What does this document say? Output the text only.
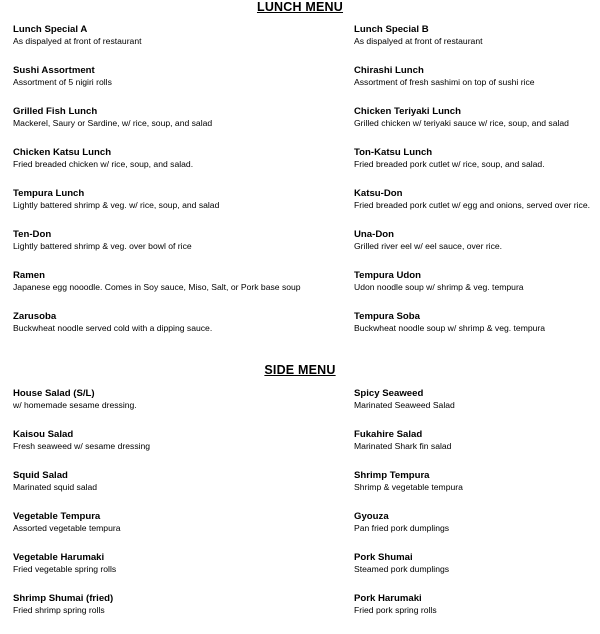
LUNCH MENU
Lunch Special A
As dispalyed at front of restaurant
Lunch Special B
As dispalyed at front of restaurant
Sushi Assortment
Assortment of 5 nigiri rolls
Chirashi Lunch
Assortment of fresh sashimi on top of sushi rice
Grilled Fish Lunch
Mackerel, Saury or Sardine, w/ rice, soup, and salad
Chicken Teriyaki Lunch
Grilled chicken w/ teriyaki sauce w/ rice, soup, and salad
Chicken Katsu Lunch
Fried breaded chicken w/ rice, soup, and salad.
Ton-Katsu Lunch
Fried breaded pork cutlet w/ rice, soup, and salad.
Tempura Lunch
Lightly battered shrimp & veg. w/ rice, soup, and salad
Katsu-Don
Fried breaded pork cutlet w/ egg and onions, served over rice.
Ten-Don
Lightly battered shrimp & veg. over bowl of rice
Una-Don
Grilled river eel w/ eel sauce, over rice.
Ramen
Japanese egg nooodle. Comes in Soy sauce, Miso, Salt, or Pork base soup
Tempura Udon
Udon noodle soup w/ shrimp & veg. tempura
Zarusoba
Buckwheat noodle served cold with a dipping sauce.
Tempura Soba
Buckwheat noodle soup w/ shrimp & veg. tempura
SIDE MENU
House Salad (S/L)
w/ homemade sesame dressing.
Spicy Seaweed
Marinated Seaweed Salad
Kaisou Salad
Fresh seaweed w/ sesame dressing
Fukahire Salad
Marinated Shark fin salad
Squid Salad
Marinated squid salad
Shrimp Tempura
Shrimp & vegetable tempura
Vegetable Tempura
Assorted vegetable tempura
Gyouza
Pan fried pork dumplings
Vegetable Harumaki
Fried vegetable spring rolls
Pork Shumai
Steamed pork dumplings
Shrimp Shumai (fried)
Fried shrimp spring rolls
Pork Harumaki
Fried pork spring rolls
